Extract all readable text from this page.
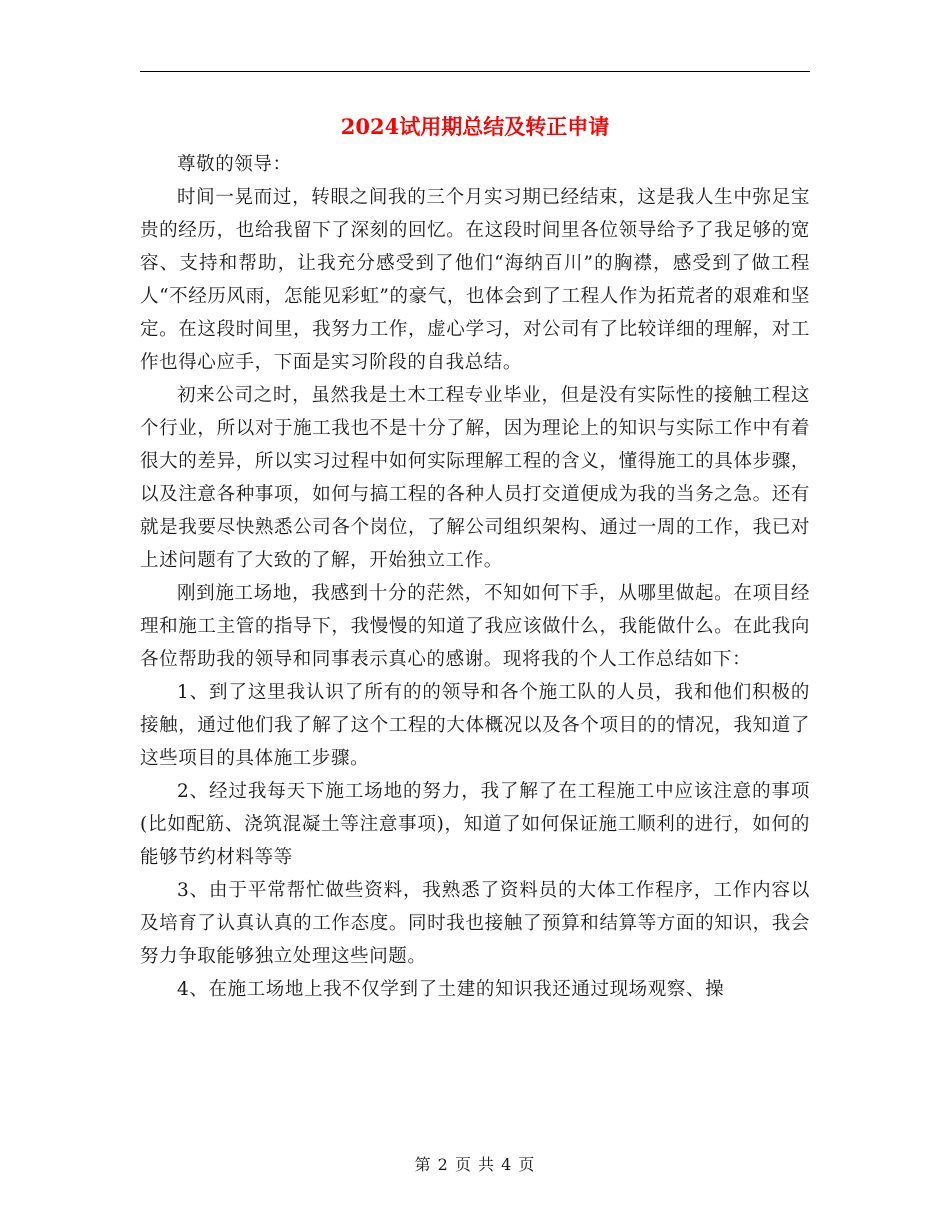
2024试用期总结及转正申请

尊敬的领导：

时间一晃而过，转眼之间我的三个月实习期已经结束，这是我人生中弥足宝贵的经历，也给我留下了深刻的回忆。在这段时间里各位领导给予了我足够的宽容、支持和帮助，让我充分感受到了他们“海纳百川”的胸襟，感受到了做工程人“不经历风雨，怎能见彩虹”的豪气，也体会到了工程人作为拓荒者的艰难和坚定。在这段时间里，我努力工作，虚心学习，对公司有了比较详细的理解，对工作也得心应手，下面是实习阶段的自我总结。

初来公司之时，虽然我是土木工程专业毕业，但是没有实际性的接触工程这个行业，所以对于施工我也不是十分了解，因为理论上的知识与实际工作中有着很大的差异，所以实习过程中如何实际理解工程的含义，懂得施工的具体步骤，以及注意各种事项，如何与搞工程的各种人员打交道便成为我的当务之急。还有就是我要尽快熟悉公司各个岗位，了解公司组织架构、通过一周的工作，我已对上述问题有了大致的了解，开始独立工作。

刚到施工场地，我感到十分的茫然，不知如何下手，从哪里做起。在项目经理和施工主管的指导下，我慢慢的知道了我应该做什么，我能做什么。在此我向各位帮助我的领导和同事表示真心的感谢。现将我的个人工作总结如下：

1、到了这里我认识了所有的的领导和各个施工队的人员，我和他们积极的接触，通过他们我了解了这个工程的大体概况以及各个项目的的情况，我知道了这些项目的具体施工步骤。

2、经过我每天下施工场地的努力，我了解了在工程施工中应该注意的事项(比如配筋、浇筑混凝土等注意事项)，知道了如何保证施工顺利的进行，如何的能够节约材料等等

3、由于平常帮忙做些资料，我熟悉了资料员的大体工作程序，工作内容以及培育了认真认真的工作态度。同时我也接触了预算和结算等方面的知识，我会努力争取能够独立处理这些问题。

4、在施工场地上我不仅学到了土建的知识我还通过现场观察、操

第 2 页 共 4 页
